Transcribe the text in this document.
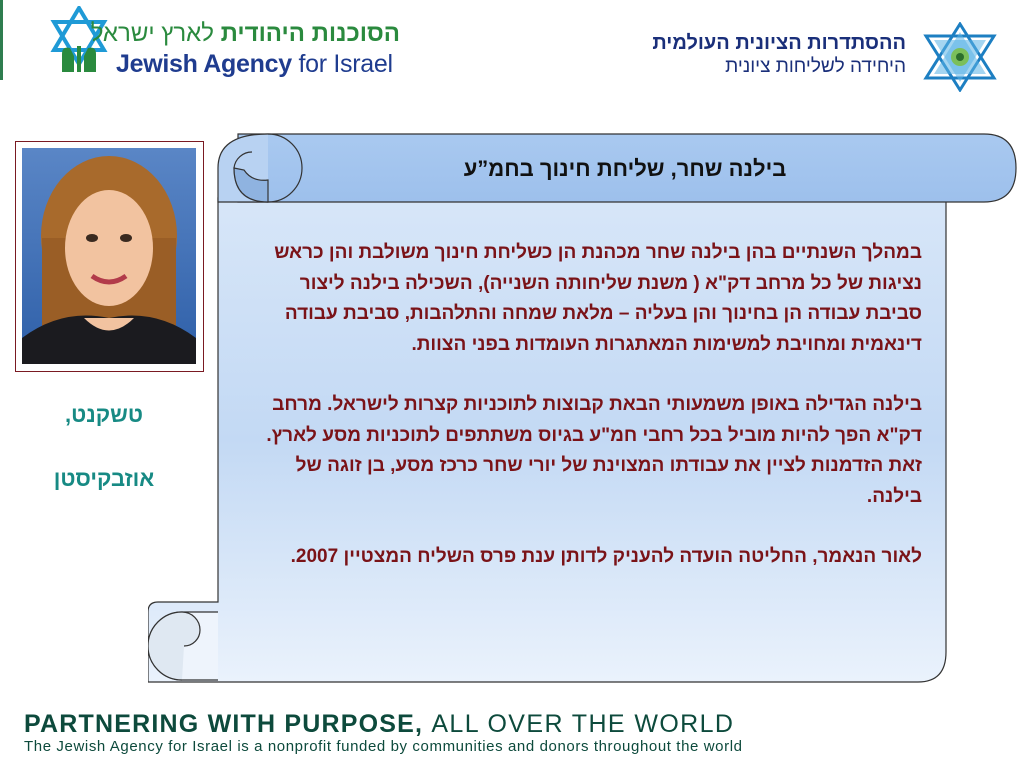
הסוכנות היהודית לארץ ישראל
Jewish Agency for Israel
ההסתדרות הציונית העולמית
היחידה לשליחות ציונית
טשקנט,
אוזבקיסטן
בילנה שחר, שליחת חינוך בחמ”ע

במהלך השנתיים בהן בילנה שחר מכהנת הן כשליחת חינוך משולבת והן כראש נציגות של כל מרחב דק"א ( משנת שליחותה השנייה), השכילה בילנה ליצור סביבת עבודה הן בחינוך והן בעליה – מלאת שמחה והתלהבות, סביבת עבודה דינאמית ומחויבת למשימות המאתגרות העומדות בפני הצוות.

בילנה הגדילה באופן משמעותי הבאת קבוצות לתוכניות קצרות לישראל. מרחב דק"א הפך להיות מוביל בכל רחבי חמ"ע בגיוס משתתפים לתוכניות מסע לארץ. זאת הזדמנות לציין את עבודתו המצוינת של יורי שחר כרכז מסע, בן זוגה של בילנה.

לאור הנאמר, החליטה הועדה להעניק לדותן ענת פרס השליח המצטיין 2007.

PARTNERING WITH PURPOSE, ALL OVER THE WORLD
The Jewish Agency for Israel is a nonprofit funded by communities and donors throughout the world
